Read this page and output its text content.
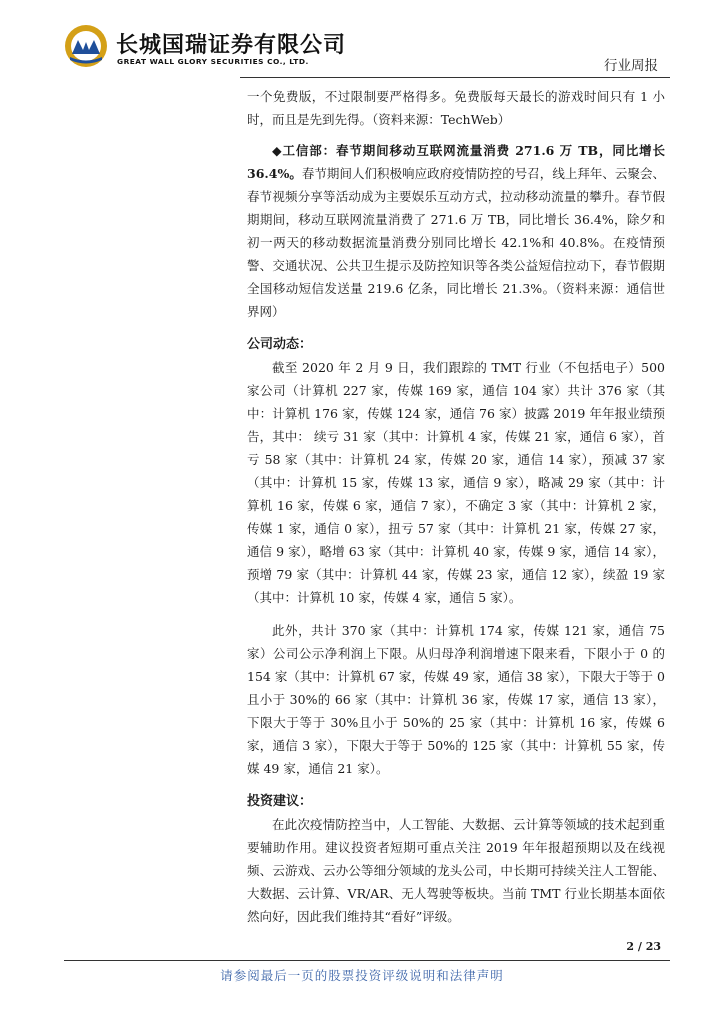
长城国瑞证券有限公司
GREAT WALL GLORY SECURITIES CO., LTD.	行业周报

一个免费版，不过限制要严格得多。免费版每天最长的游戏时间只有 1 小时，而且是先到先得。（资料来源：TechWeb）

◆工信部：春节期间移动互联网流量消费 271.6 万 TB，同比增长 36.4%。春节期间人们积极响应政府疫情防控的号召，线上拜年、云聚会、春节视频分享等活动成为主要娱乐互动方式，拉动移动流量的攀升。春节假期期间，移动互联网流量消费了 271.6 万 TB，同比增长 36.4%，除夕和初一两天的移动数据流量消费分别同比增长 42.1%和 40.8%。在疫情预警、交通状况、公共卫生提示及防控知识等各类公益短信拉动下，春节假期全国移动短信发送量 219.6 亿条，同比增长 21.3%。（资料来源：通信世界网）

公司动态：

截至 2020 年 2 月 9 日，我们跟踪的 TMT 行业（不包括电子）500 家公司（计算机 227 家，传媒 169 家，通信 104 家）共计 376 家（其中：计算机 176 家，传媒 124 家，通信 76 家）披露 2019 年年报业绩预告，其中： 续亏 31 家（其中：计算机 4 家，传媒 21 家，通信 6 家），首亏 58 家（其中：计算机 24 家，传媒 20 家，通信 14 家），预减 37 家（其中：计算机 15 家，传媒 13 家，通信 9 家），略减 29 家（其中：计算机 16 家，传媒 6 家，通信 7 家），不确定 3 家（其中：计算机 2 家，传媒 1 家，通信 0 家），扭亏 57 家（其中：计算机 21 家，传媒 27 家，通信 9 家），略增 63 家（其中：计算机 40 家，传媒 9 家，通信 14 家），预增 79 家（其中：计算机 44 家，传媒 23 家，通信 12 家），续盈 19 家（其中：计算机 10 家，传媒 4 家，通信 5 家）。

此外，共计 370 家（其中：计算机 174 家，传媒 121 家，通信 75 家）公司公示净利润上下限。从归母净利润增速下限来看，下限小于 0 的 154 家（其中：计算机 67 家，传媒 49 家，通信 38 家），下限大于等于 0 且小于 30%的 66 家（其中：计算机 36 家，传媒 17 家，通信 13 家），下限大于等于 30%且小于 50%的 25 家（其中：计算机 16 家，传媒 6 家，通信 3 家），下限大于等于 50%的 125 家（其中：计算机 55 家，传媒 49 家，通信 21 家）。

投资建议：

在此次疫情防控当中，人工智能、大数据、云计算等领域的技术起到重要辅助作用。建议投资者短期可重点关注 2019 年年报超预期以及在线视频、云游戏、云办公等细分领域的龙头公司，中长期可持续关注人工智能、大数据、云计算、VR/AR、无人驾驶等板块。当前 TMT 行业长期基本面依然向好，因此我们维持其“看好”评级。

2 / 23
请参阅最后一页的股票投资评级说明和法律声明
